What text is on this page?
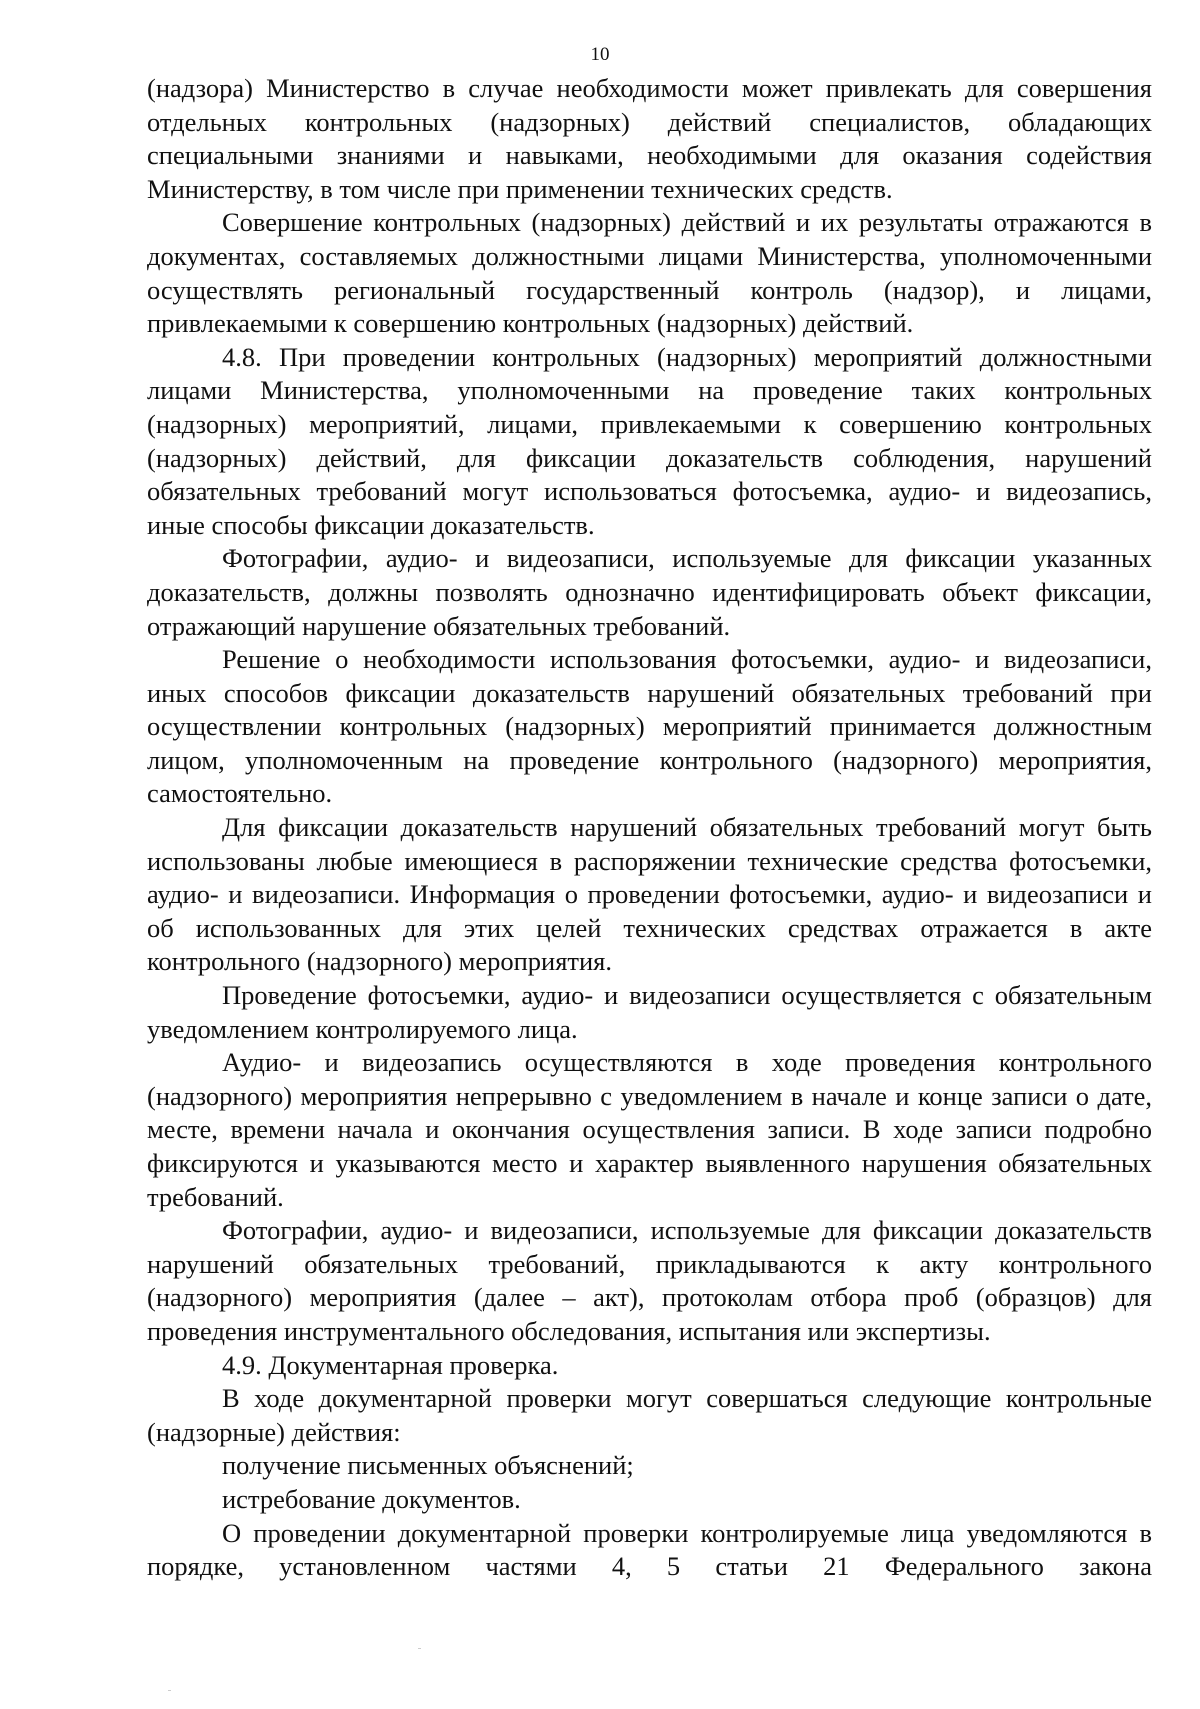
10

(надзора) Министерство в случае необходимости может привлекать для совершения отдельных контрольных (надзорных) действий специалистов, обладающих специальными знаниями и навыками, необходимыми для оказания содействия Министерству, в том числе при применении технических средств.

Совершение контрольных (надзорных) действий и их результаты отражаются в документах, составляемых должностными лицами Министерства, уполномоченными осуществлять региональный государственный контроль (надзор), и лицами, привлекаемыми к совершению контрольных (надзорных) действий.

4.8. При проведении контрольных (надзорных) мероприятий должностными лицами Министерства, уполномоченными на проведение таких контрольных (надзорных) мероприятий, лицами, привлекаемыми к совершению контрольных (надзорных) действий, для фиксации доказательств соблюдения, нарушений обязательных требований могут использоваться фотосъемка, аудио- и видеозапись, иные способы фиксации доказательств.

Фотографии, аудио- и видеозаписи, используемые для фиксации указанных доказательств, должны позволять однозначно идентифицировать объект фиксации, отражающий нарушение обязательных требований.

Решение о необходимости использования фотосъемки, аудио- и видеозаписи, иных способов фиксации доказательств нарушений обязательных требований при осуществлении контрольных (надзорных) мероприятий принимается должностным лицом, уполномоченным на проведение контрольного (надзорного) мероприятия, самостоятельно.

Для фиксации доказательств нарушений обязательных требований могут быть использованы любые имеющиеся в распоряжении технические средства фотосъемки, аудио- и видеозаписи. Информация о проведении фотосъемки, аудио- и видеозаписи и об использованных для этих целей технических средствах отражается в акте контрольного (надзорного) мероприятия.

Проведение фотосъемки, аудио- и видеозаписи осуществляется с обязательным уведомлением контролируемого лица.

Аудио- и видеозапись осуществляются в ходе проведения контрольного (надзорного) мероприятия непрерывно с уведомлением в начале и конце записи о дате, месте, времени начала и окончания осуществления записи. В ходе записи подробно фиксируются и указываются место и характер выявленного нарушения обязательных требований.

Фотографии, аудио- и видеозаписи, используемые для фиксации доказательств нарушений обязательных требований, прикладываются к акту контрольного (надзорного) мероприятия (далее – акт), протоколам отбора проб (образцов) для проведения инструментального обследования, испытания или экспертизы.

4.9. Документарная проверка.

В ходе документарной проверки могут совершаться следующие контрольные (надзорные) действия:

получение письменных объяснений;

истребование документов.

О проведении документарной проверки контролируемые лица уведомляются в порядке, установленном частями 4, 5 статьи 21 Федерального закона
